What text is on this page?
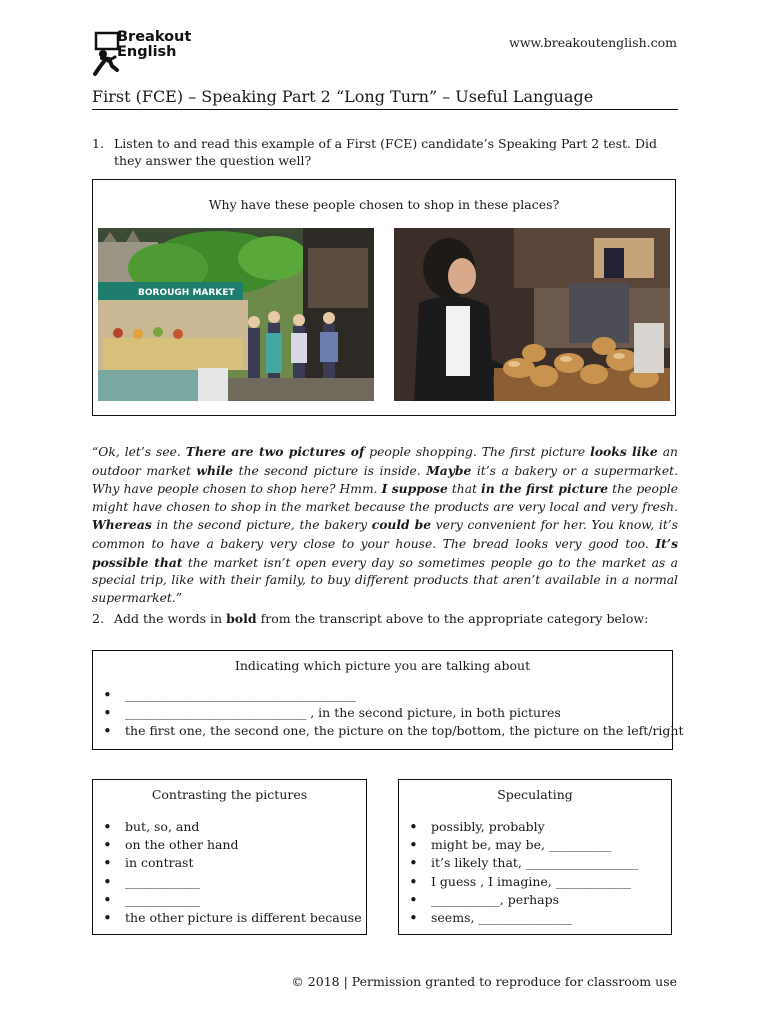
Breakout
English
www.breakoutenglish.com
First (FCE) – Speaking Part 2 “Long Turn” – Useful Language
1. Listen to and read this example of a First (FCE) candidate’s Speaking Part 2 test. Did they answer the question well?
Why have these people chosen to shop in these places?
BOROUGH MARKET
“Ok, let’s see. There are two pictures of people shopping. The first picture looks like an outdoor market while the second picture is inside. Maybe it’s a bakery or a supermarket. Why have people chosen to shop here? Hmm. I suppose that in the first picture the people might have chosen to shop in the market because the products are very local and very fresh. Whereas in the second picture, the bakery could be very convenient for her. You know, it’s common to have a bakery very close to your house. The bread looks very good too. It’s possible that the market isn’t open every day so sometimes people go to the market as a special trip, like with their family, to buy different products that aren’t available in a normal supermarket.”
2. Add the words in bold from the transcript above to the appropriate category below:
Indicating which picture you are talking about
• _____________________________________
• _____________________________ , in the second picture, in both pictures
• the first one, the second one, the picture on the top/bottom, the picture on the left/right
Contrasting the pictures
• but, so, and
• on the other hand
• in contrast
• ____________
• ____________
• the other picture is different because
Speculating
• possibly, probably
• might be, may be, __________
• it’s likely that, __________________
• I guess , I imagine, ____________
• ___________, perhaps
• seems, _______________
© 2018 | Permission granted to reproduce for classroom use
